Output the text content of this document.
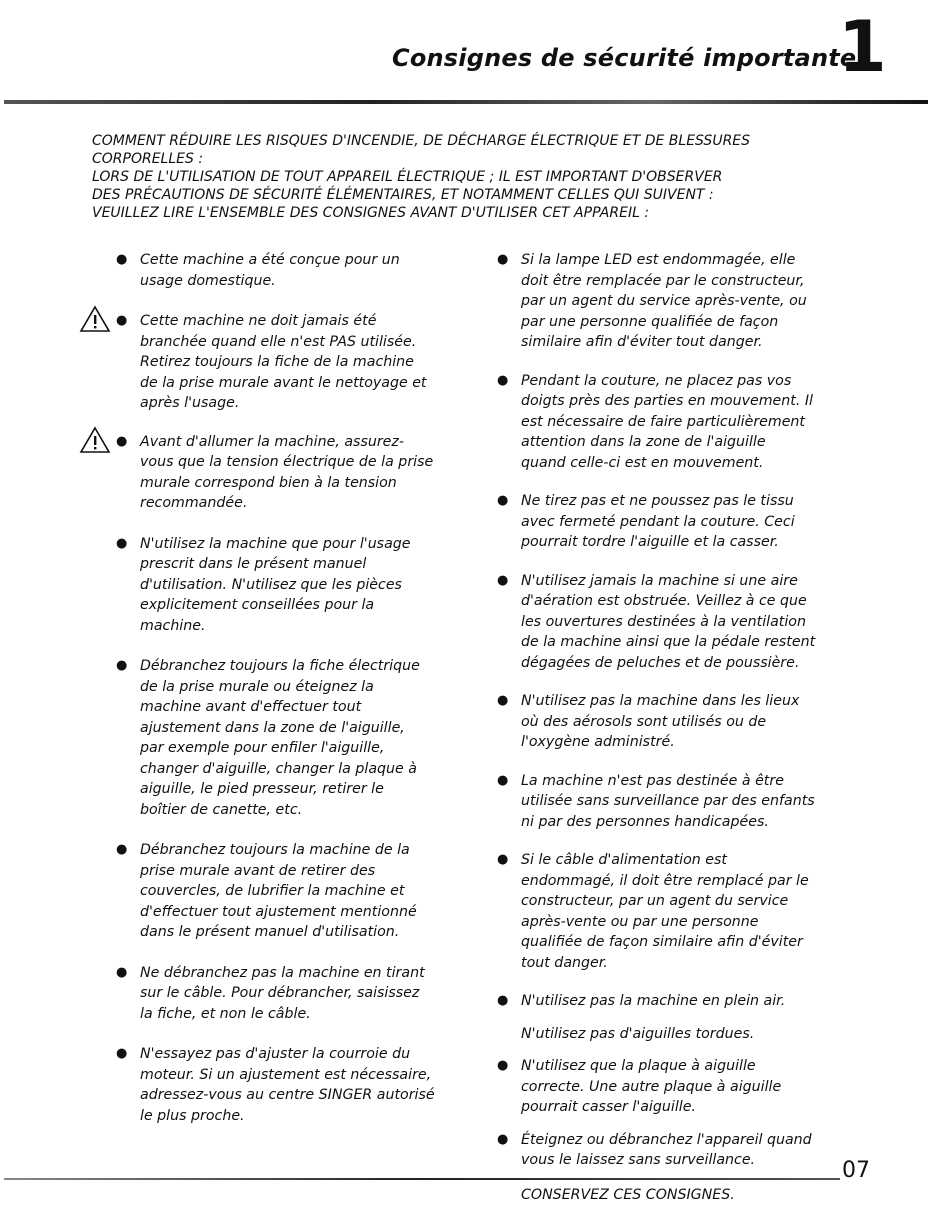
Consignes de sécurité importantes
1

COMMENT RÉDUIRE LES RISQUES D'INCENDIE, DE DÉCHARGE ÉLECTRIQUE ET DE BLESSURES

CORPORELLES :

LORS DE L'UTILISATION DE TOUT APPAREIL ÉLECTRIQUE ; IL EST IMPORTANT D'OBSERVER

DES PRÉCAUTIONS DE SÉCURITÉ ÉLÉMENTAIRES, ET NOTAMMENT CELLES QUI SUIVENT :

VEUILLEZ LIRE L'ENSEMBLE DES CONSIGNES AVANT D'UTILISER CET APPAREIL :

● Cette machine a été conçue pour un
usage domestique.
● Cette machine ne doit jamais été
branchée quand elle n'est PAS utilisée.
Retirez toujours la fiche de la machine
de la prise murale avant le nettoyage et
après l'usage.
● Avant d'allumer la machine, assurez-
vous que la tension électrique de la prise
murale correspond bien à la tension
recommandée.
● N'utilisez la machine que pour l'usage
prescrit dans le présent manuel
d'utilisation. N'utilisez que les pièces
explicitement conseillées pour la
machine.
● Débranchez toujours la fiche électrique
de la prise murale ou éteignez la
machine avant d'effectuer tout
ajustement dans la zone de l'aiguille,
par exemple pour enfiler l'aiguille,
changer d'aiguille, changer la plaque à
aiguille, le pied presseur, retirer le
boîtier de canette, etc.
● Débranchez toujours la machine de la
prise murale avant de retirer des
couvercles, de lubrifier la machine et
d'effectuer tout ajustement mentionné
dans le présent manuel d'utilisation.
● Ne débranchez pas la machine en tirant
sur le câble. Pour débrancher, saisissez
la fiche, et non le câble.
● N'essayez pas d'ajuster la courroie du
moteur. Si un ajustement est nécessaire,
adressez-vous au centre SINGER autorisé
le plus proche.
● Si la lampe LED est endommagée, elle
doit être remplacée par le constructeur,
par un agent du service après-vente, ou
par une personne qualifiée de façon
similaire afin d'éviter tout danger.
● Pendant la couture, ne placez pas vos
doigts près des parties en mouvement. Il
est nécessaire de faire particulièrement
attention dans la zone de l'aiguille
quand celle-ci est en mouvement.
● Ne tirez pas et ne poussez pas le tissu
avec fermeté pendant la couture. Ceci
pourrait tordre l'aiguille et la casser.
● N'utilisez jamais la machine si une aire
d'aération est obstruée. Veillez à ce que
les ouvertures destinées à la ventilation
de la machine ainsi que la pédale restent
dégagées de peluches et de poussière.
● N'utilisez pas la machine dans les lieux
où des aérosols sont utilisés ou de
l'oxygène administré.
● La machine n'est pas destinée à être
utilisée sans surveillance par des enfants
ni par des personnes handicapées.
● Si le câble d'alimentation est
endommagé, il doit être remplacé par le
constructeur, par un agent du service
après-vente ou par une personne
qualifiée de façon similaire afin d'éviter
tout danger.
● N'utilisez pas la machine en plein air.
N'utilisez pas d'aiguilles tordues.
● N'utilisez que la plaque à aiguille
correcte. Une autre plaque à aiguille
pourrait casser l'aiguille.
● Éteignez ou débranchez l'appareil quand
vous le laissez sans surveillance.
CONSERVEZ CES CONSIGNES.
07
